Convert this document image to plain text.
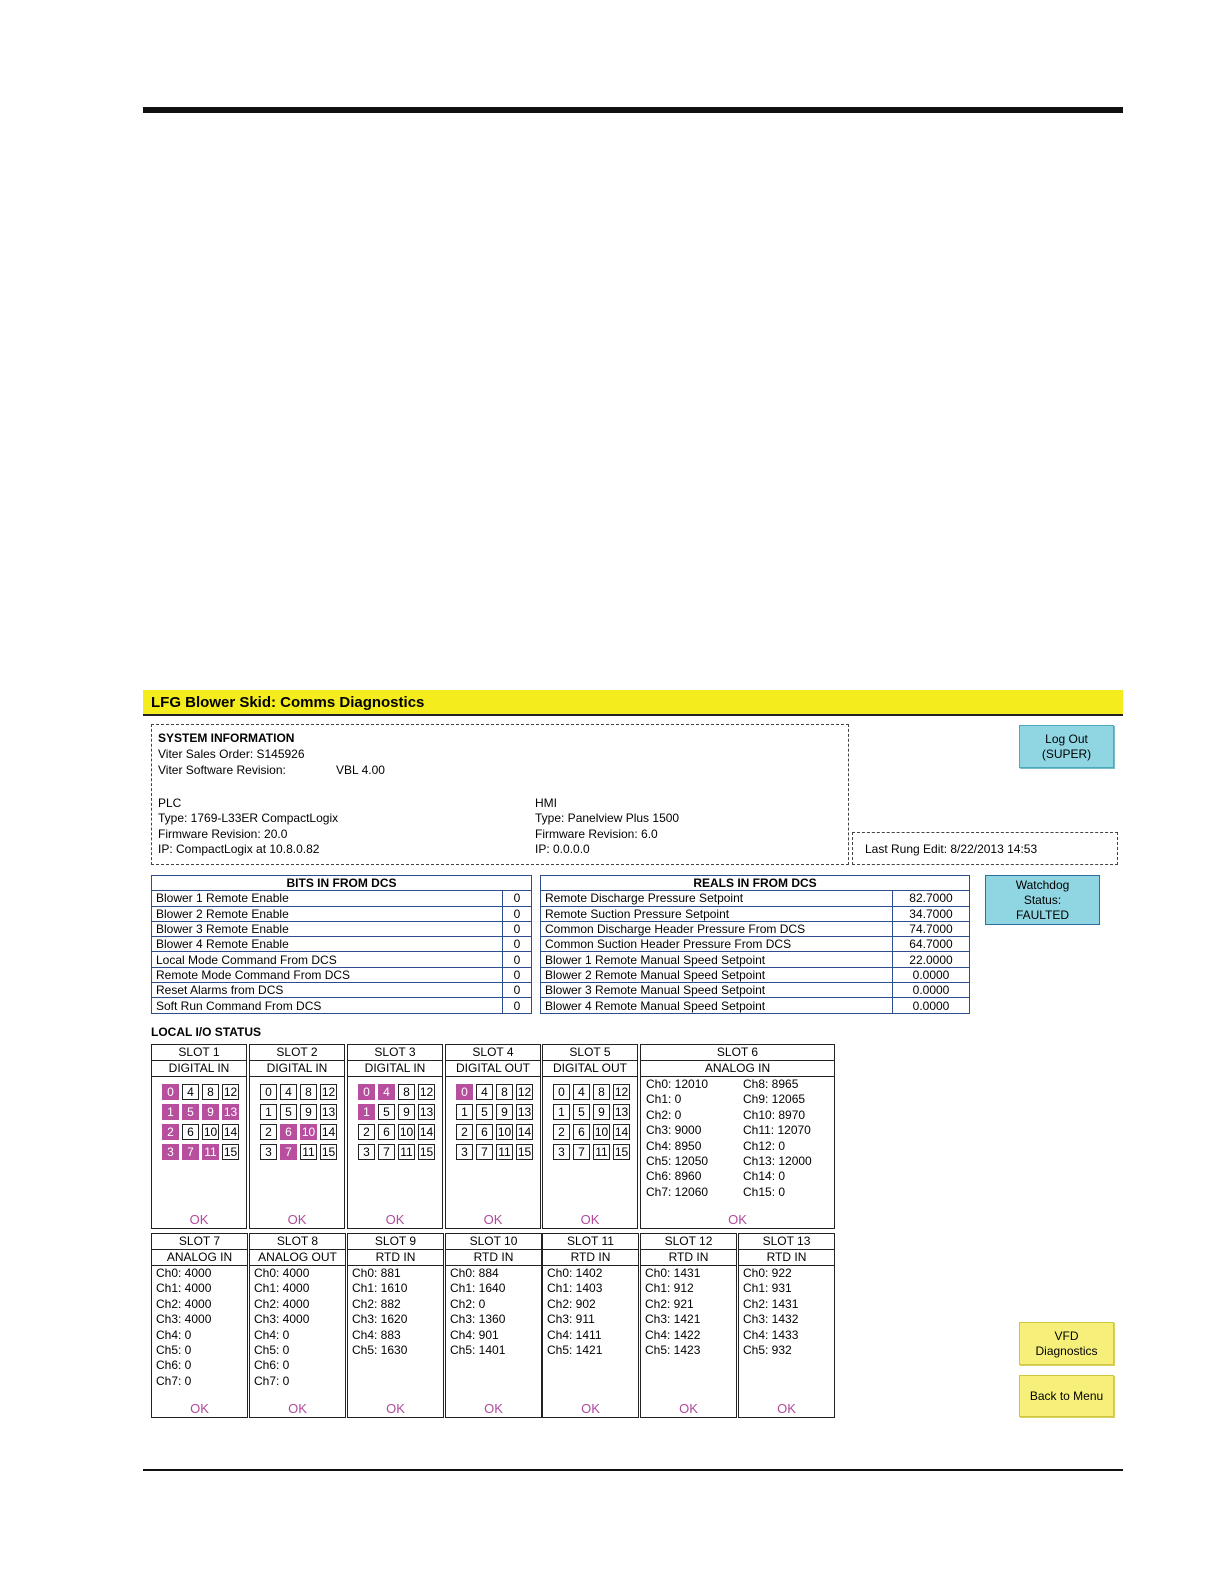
LFG Blower Skid: Comms Diagnostics
SYSTEM INFORMATION
Viter Sales Order: S145926
Viter Software Revision:	VBL 4.00
PLC
Type: 1769-L33ER CompactLogix
Firmware Revision: 20.0
IP: CompactLogix at 10.8.0.82
HMI
Type: Panelview Plus 1500
Firmware Revision: 6.0
IP: 0.0.0.0	Last Rung Edit: 8/22/2013 14:53
Log Out
(SUPER)
Watchdog
Status:
FAULTED
BITS IN FROM DCS	
Blower 1 Remote Enable	0
Blower 2 Remote Enable	0
Blower 3 Remote Enable	0
Blower 4 Remote Enable	0
Local Mode Command From DCS	0
Remote Mode Command From DCS	0
Reset Alarms from DCS	0
Soft Run Command From DCS	0
REALS IN FROM DCS	
Remote Discharge Pressure Setpoint	82.7000
Remote Suction Pressure Setpoint	34.7000
Common Discharge Header Pressure From DCS	74.7000
Common Suction Header Pressure From DCS	64.7000
Blower 1 Remote Manual Speed Setpoint	22.0000
Blower 2 Remote Manual Speed Setpoint	0.0000
Blower 3 Remote Manual Speed Setpoint	0.0000
Blower 4 Remote Manual Speed Setpoint	0.0000
LOCAL I/O STATUS
SLOT 1
DIGITAL IN
OK
0
1
2
3
4
5
6
7
8
9
10
11
12
13
14
15
SLOT 2
DIGITAL IN
OK
0
1
2
3
4
5
6
7
8
9
10
11
12
13
14
15
SLOT 3
DIGITAL IN
OK
0
1
2
3
4
5
6
7
8
9
10
11
12
13
14
15
SLOT 4
DIGITAL OUT
OK
0
1
2
3
4
5
6
7
8
9
10
11
12
13
14
15
SLOT 5
DIGITAL OUT
OK
0
1
2
3
4
5
6
7
8
9
10
11
12
13
14
15
SLOT 6
ANALOG IN
OK
Ch0: 12010
Ch1: 0
Ch2: 0
Ch3: 9000
Ch4: 8950
Ch5: 12050
Ch6: 8960
Ch7: 12060
Ch8: 8965
Ch9: 12065
Ch10: 8970
Ch11: 12070
Ch12: 0
Ch13: 12000
Ch14: 0
Ch15: 0
SLOT 7
ANALOG IN
OK
Ch0: 4000
Ch1: 4000
Ch2: 4000
Ch3: 4000
Ch4: 0
Ch5: 0
Ch6: 0
Ch7: 0
SLOT 8
ANALOG OUT
OK
Ch0: 4000
Ch1: 4000
Ch2: 4000
Ch3: 4000
Ch4: 0
Ch5: 0
Ch6: 0
Ch7: 0
SLOT 9
RTD IN
OK
Ch0: 881
Ch1: 1610
Ch2: 882
Ch3: 1620
Ch4: 883
Ch5: 1630
SLOT 10
RTD IN
OK
Ch0: 884
Ch1: 1640
Ch2: 0
Ch3: 1360
Ch4: 901
Ch5: 1401
SLOT 11
RTD IN
OK
Ch0: 1402
Ch1: 1403
Ch2: 902
Ch3: 911
Ch4: 1411
Ch5: 1421
SLOT 12
RTD IN
OK
Ch0: 1431
Ch1: 912
Ch2: 921
Ch3: 1421
Ch4: 1422
Ch5: 1423
SLOT 13
RTD IN
OK
Ch0: 922
Ch1: 931
Ch2: 1431
Ch3: 1432
Ch4: 1433
Ch5: 932
VFD
Diagnostics
Back to Menu
